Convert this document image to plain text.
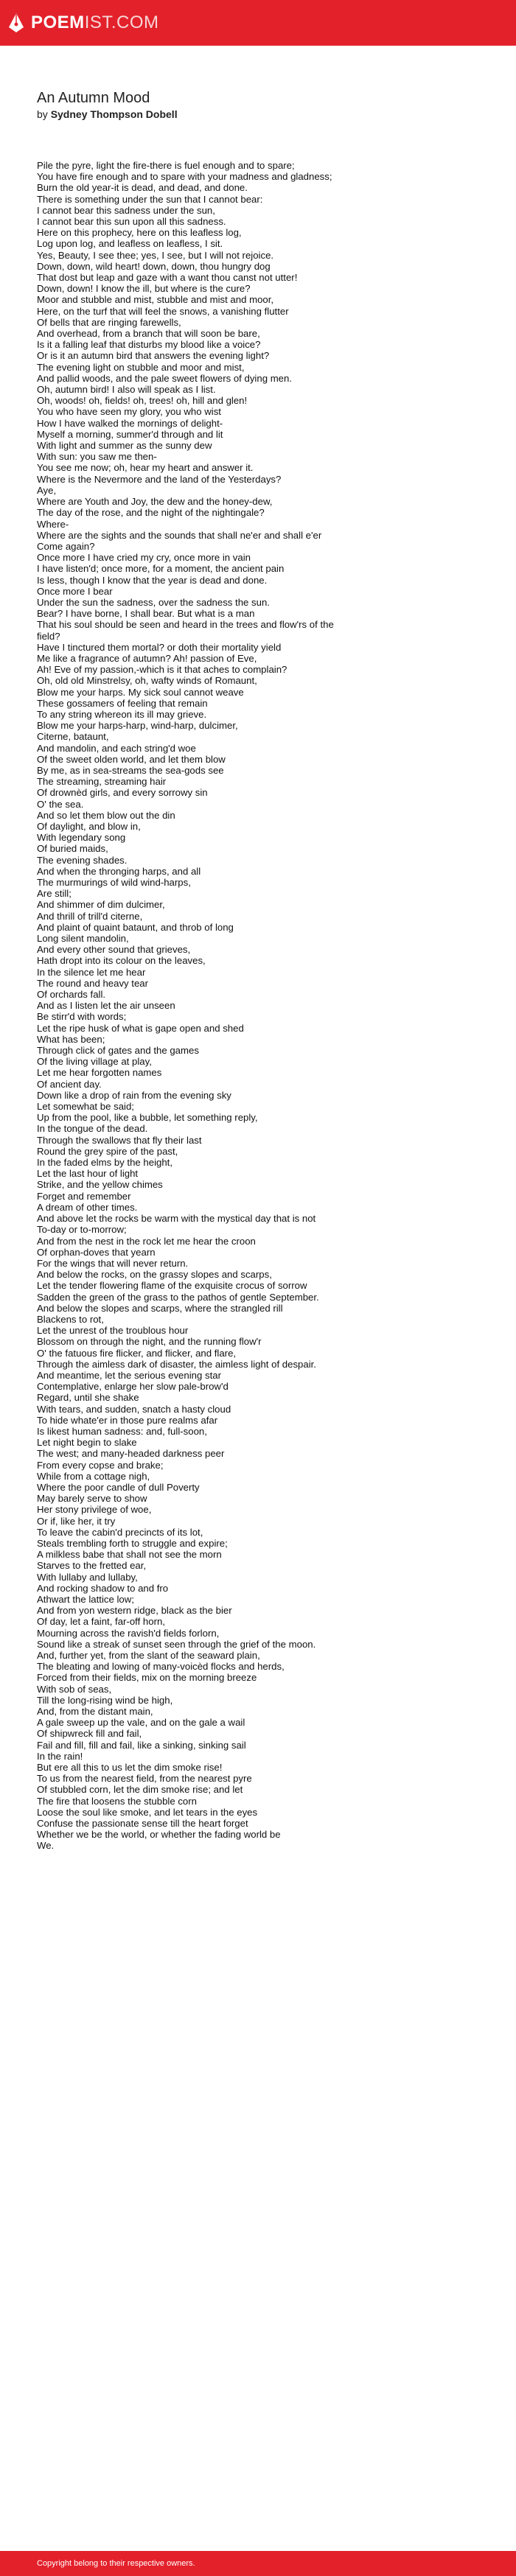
POEMIST.COM
An Autumn Mood
by Sydney Thompson Dobell
Pile the pyre, light the fire-there is fuel enough and to spare;
You have fire enough and to spare with your madness and gladness;
Burn the old year-it is dead, and dead, and done.
There is something under the sun that I cannot bear:
I cannot bear this sadness under the sun,
I cannot bear this sun upon all this sadness.
Here on this prophecy, here on this leafless log,
Log upon log, and leafless on leafless, I sit.
Yes, Beauty, I see thee; yes, I see, but I will not rejoice.
Down, down, wild heart! down, down, thou hungry dog
That dost but leap and gaze with a want thou canst not utter!
Down, down! I know the ill, but where is the cure?
Moor and stubble and mist, stubble and mist and moor,
Here, on the turf that will feel the snows, a vanishing flutter
Of bells that are ringing farewells,
And overhead, from a branch that will soon be bare,
Is it a falling leaf that disturbs my blood like a voice?
Or is it an autumn bird that answers the evening light?
The evening light on stubble and moor and mist,
And pallid woods, and the pale sweet flowers of dying men.
Oh, autumn bird! I also will speak as I list.
Oh, woods! oh, fields! oh, trees! oh, hill and glen!
You who have seen my glory, you who wist
How I have walked the mornings of delight-
Myself a morning, summer'd through and lit
With light and summer as the sunny dew
With sun: you saw me then-
You see me now; oh, hear my heart and answer it.
Where is the Nevermore and the land of the Yesterdays?
Aye,
Where are Youth and Joy, the dew and the honey-dew,
The day of the rose, and the night of the nightingale?
Where-
Where are the sights and the sounds that shall ne'er and shall e'er
Come again?
Once more I have cried my cry, once more in vain
I have listen'd; once more, for a moment, the ancient pain
Is less, though I know that the year is dead and done.
Once more I bear
Under the sun the sadness, over the sadness the sun.
Bear? I have borne, I shall bear. But what is a man
That his soul should be seen and heard in the trees and flow'rs of the
field?
Have I tinctured them mortal? or doth their mortality yield
Me like a fragrance of autumn? Ah! passion of Eve,
Ah! Eve of my passion,-which is it that aches to complain?
Oh, old old Minstrelsy, oh, wafty winds of Romaunt,
Blow me your harps. My sick soul cannot weave
These gossamers of feeling that remain
To any string whereon its ill may grieve.
Blow me your harps-harp, wind-harp, dulcimer,
Citerne, bataunt,
And mandolin, and each string'd woe
Of the sweet olden world, and let them blow
By me, as in sea-streams the sea-gods see
The streaming, streaming hair
Of drownèd girls, and every sorrowy sin
O' the sea.
And so let them blow out the din
Of daylight, and blow in,
With legendary song
Of buried maids,
The evening shades.
And when the thronging harps, and all
The murmurings of wild wind-harps,
Are still;
And shimmer of dim dulcimer,
And thrill of trill'd citerne,
And plaint of quaint bataunt, and throb of long
Long silent mandolin,
And every other sound that grieves,
Hath dropt into its colour on the leaves,
In the silence let me hear
The round and heavy tear
Of orchards fall.
And as I listen let the air unseen
Be stirr'd with words;
Let the ripe husk of what is gape open and shed
What has been;
Through click of gates and the games
Of the living village at play,
Let me hear forgotten names
Of ancient day.
Down like a drop of rain from the evening sky
Let somewhat be said;
Up from the pool, like a bubble, let something reply,
In the tongue of the dead.
Through the swallows that fly their last
Round the grey spire of the past,
In the faded elms by the height,
Let the last hour of light
Strike, and the yellow chimes
Forget and remember
A dream of other times.
And above let the rocks be warm with the mystical day that is not
To-day or to-morrow;
And from the nest in the rock let me hear the croon
Of orphan-doves that yearn
For the wings that will never return.
And below the rocks, on the grassy slopes and scarps,
Let the tender flowering flame of the exquisite crocus of sorrow
Sadden the green of the grass to the pathos of gentle September.
And below the slopes and scarps, where the strangled rill
Blackens to rot,
Let the unrest of the troublous hour
Blossom on through the night, and the running flow'r
O' the fatuous fire flicker, and flicker, and flare,
Through the aimless dark of disaster, the aimless light of despair.
And meantime, let the serious evening star
Contemplative, enlarge her slow pale-brow'd
Regard, until she shake
With tears, and sudden, snatch a hasty cloud
To hide whate'er in those pure realms afar
Is likest human sadness: and, full-soon,
Let night begin to slake
The west; and many-headed darkness peer
From every copse and brake;
While from a cottage nigh,
Where the poor candle of dull Poverty
May barely serve to show
Her stony privilege of woe,
Or if, like her, it try
To leave the cabin'd precincts of its lot,
Steals trembling forth to struggle and expire;
A milkless babe that shall not see the morn
Starves to the fretted ear,
With lullaby and lullaby,
And rocking shadow to and fro
Athwart the lattice low;
And from yon western ridge, black as the bier
Of day, let a faint, far-off horn,
Mourning across the ravish'd fields forlorn,
Sound like a streak of sunset seen through the grief of the moon.
And, further yet, from the slant of the seaward plain,
The bleating and lowing of many-voicèd flocks and herds,
Forced from their fields, mix on the morning breeze
With sob of seas,
Till the long-rising wind be high,
And, from the distant main,
A gale sweep up the vale, and on the gale a wail
Of shipwreck fill and fail,
Fail and fill, fill and fail, like a sinking, sinking sail
In the rain!
But ere all this to us let the dim smoke rise!
To us from the nearest field, from the nearest pyre
Of stubbled corn, let the dim smoke rise; and let
The fire that loosens the stubble corn
Loose the soul like smoke, and let tears in the eyes
Confuse the passionate sense till the heart forget
Whether we be the world, or whether the fading world be
We.
Copyright belong to their respective owners.
